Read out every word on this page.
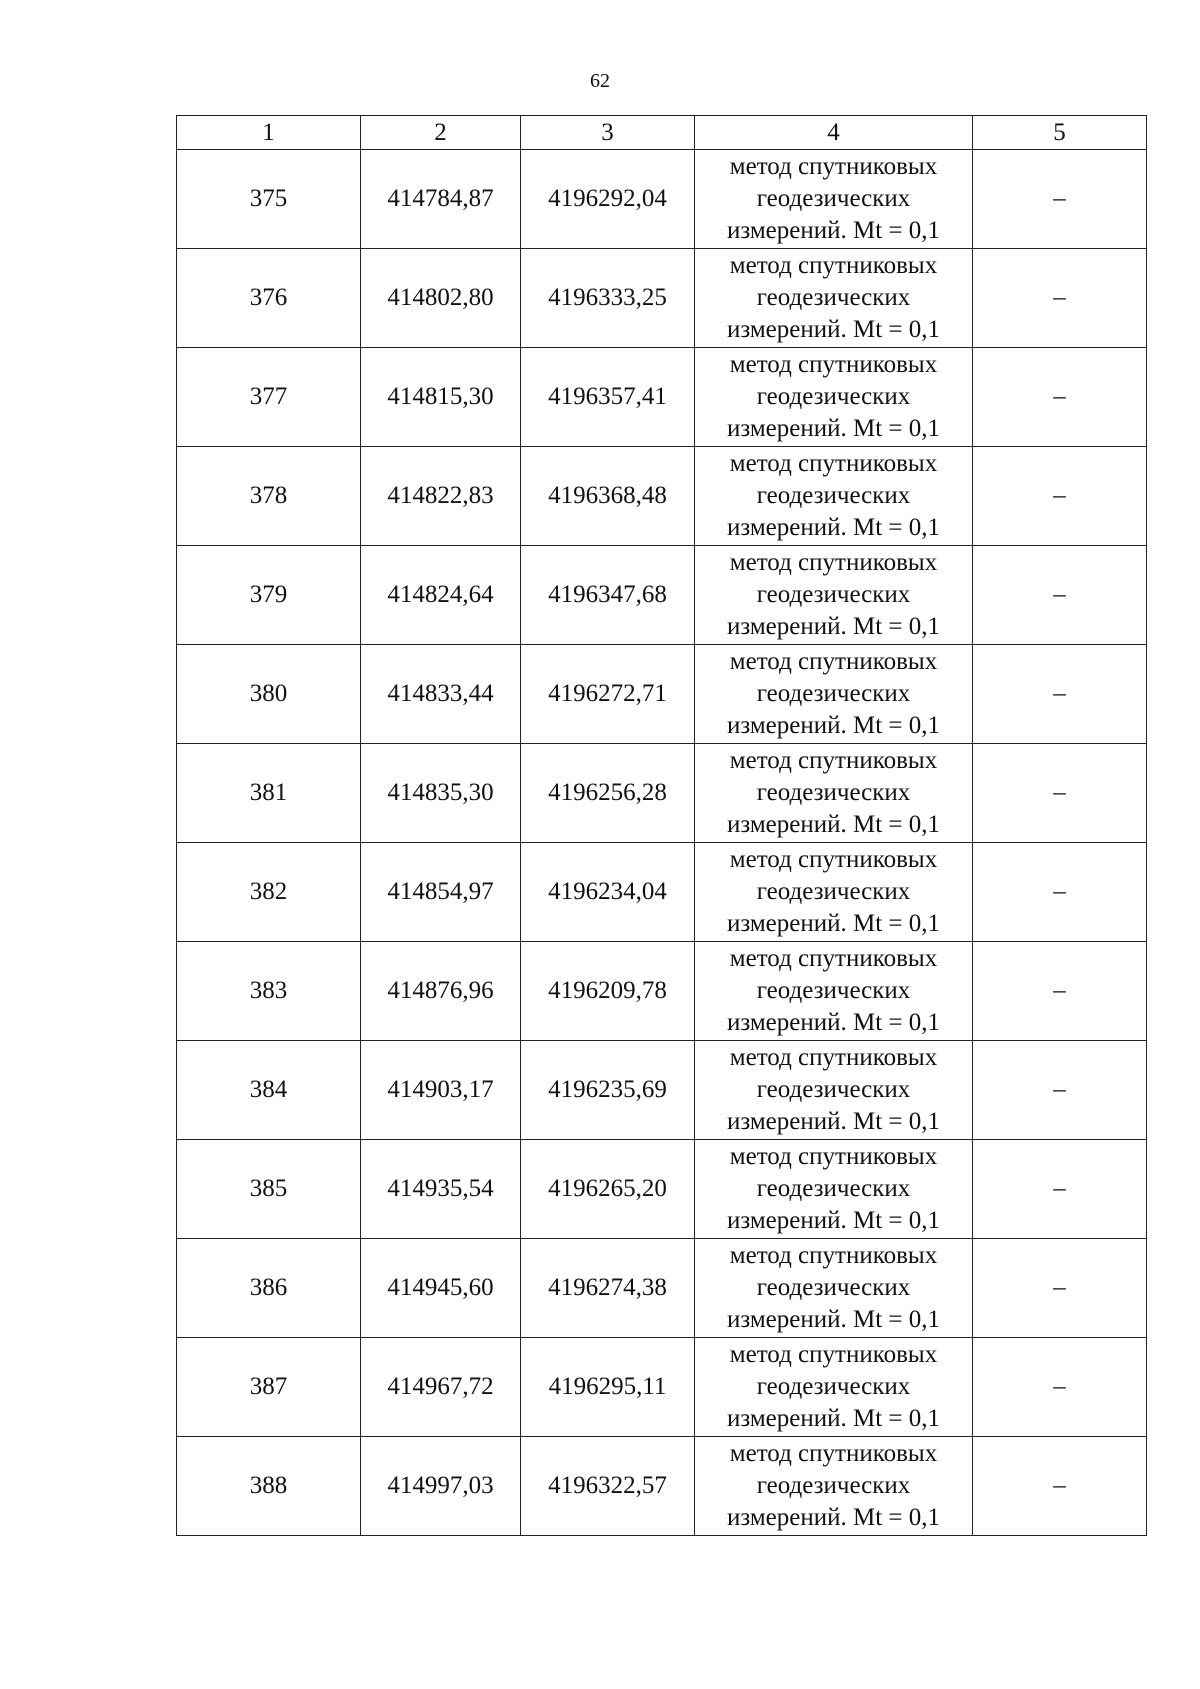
62
1	2	3	4	5
375	414784,87	4196292,04	метод спутниковых
геодезических
измерений. Mt = 0,1	–
376	414802,80	4196333,25	метод спутниковых
геодезических
измерений. Mt = 0,1	–
377	414815,30	4196357,41	метод спутниковых
геодезических
измерений. Mt = 0,1	–
378	414822,83	4196368,48	метод спутниковых
геодезических
измерений. Mt = 0,1	–
379	414824,64	4196347,68	метод спутниковых
геодезических
измерений. Mt = 0,1	–
380	414833,44	4196272,71	метод спутниковых
геодезических
измерений. Mt = 0,1	–
381	414835,30	4196256,28	метод спутниковых
геодезических
измерений. Mt = 0,1	–
382	414854,97	4196234,04	метод спутниковых
геодезических
измерений. Mt = 0,1	–
383	414876,96	4196209,78	метод спутниковых
геодезических
измерений. Mt = 0,1	–
384	414903,17	4196235,69	метод спутниковых
геодезических
измерений. Mt = 0,1	–
385	414935,54	4196265,20	метод спутниковых
геодезических
измерений. Mt = 0,1	–
386	414945,60	4196274,38	метод спутниковых
геодезических
измерений. Mt = 0,1	–
387	414967,72	4196295,11	метод спутниковых
геодезических
измерений. Mt = 0,1	–
388	414997,03	4196322,57	метод спутниковых
геодезических
измерений. Mt = 0,1	–
